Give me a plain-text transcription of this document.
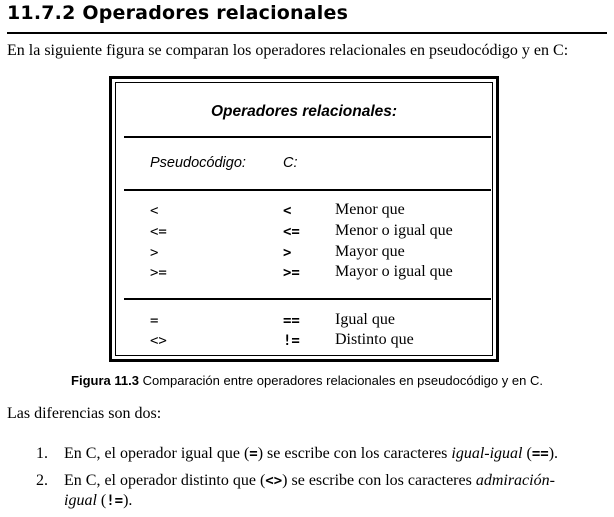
11.7.2 Operadores relacionales

En la siguiente figura se comparan los operadores relacionales en pseudocódigo y en C:

Operadores relacionales:
Pseudocódigo:	C:
<	<	Menor que
<=	<= Menor o igual que
>	>	Mayor que
>=	>= Mayor o igual que
=	== Igual que
<>	!= Distinto que

Figura 11.3 Comparación entre operadores relacionales en pseudocódigo y en C.

Las diferencias son dos:

1. En C, el operador igual que (=) se escribe con los caracteres igual-igual (==).
2. En C, el operador distinto que (<>) se escribe con los caracteres admiración-
igual (!=).
